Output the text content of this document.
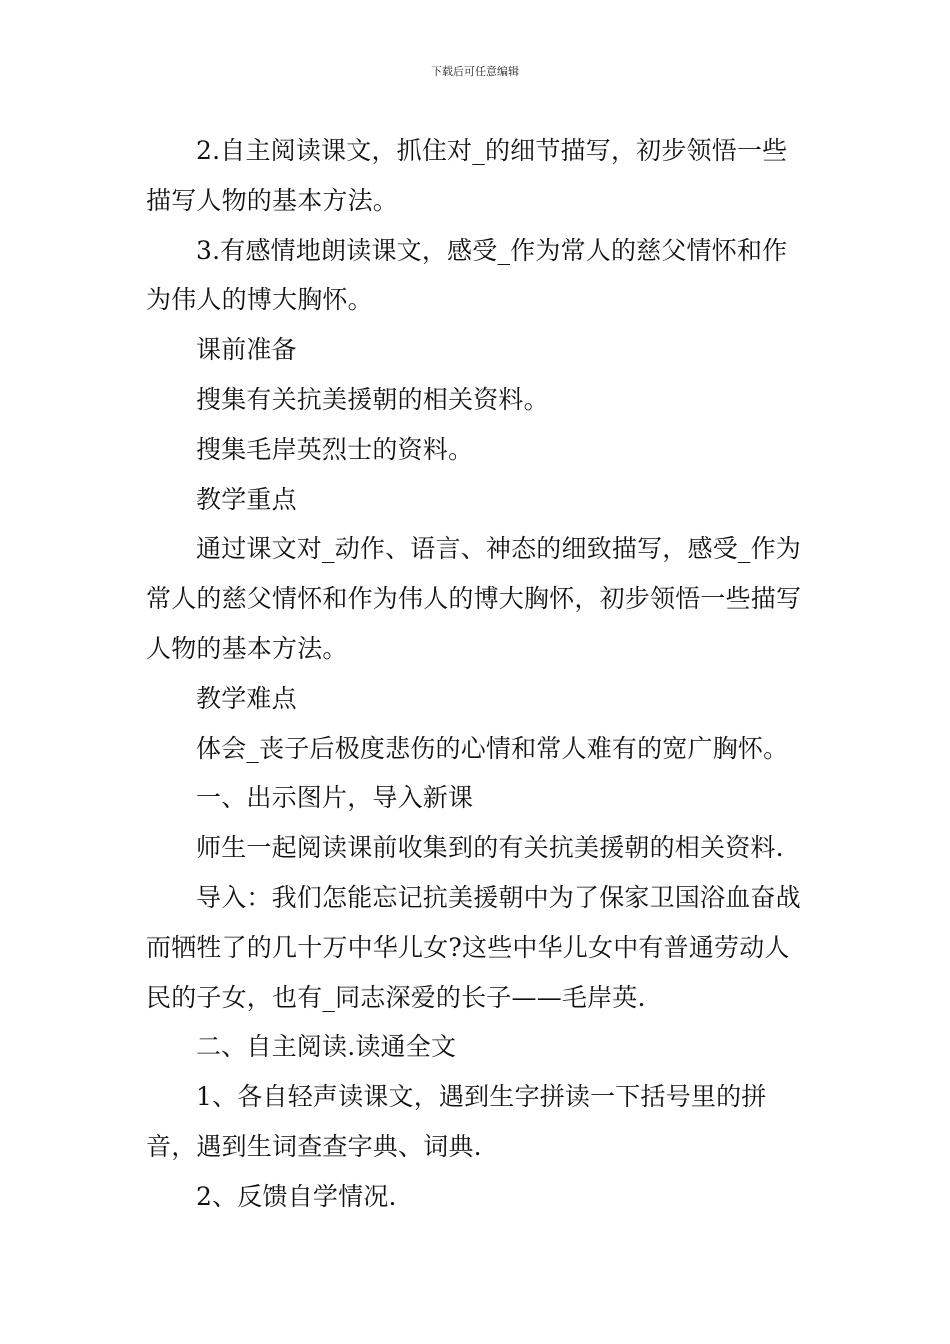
下载后可任意编辑

2.自主阅读课文，抓住对_的细节描写，初步领悟一些描写人物的基本方法。

3.有感情地朗读课文，感受_作为常人的慈父情怀和作为伟人的博大胸怀。

课前准备

搜集有关抗美援朝的相关资料。

搜集毛岸英烈士的资料。

教学重点

通过课文对_动作、语言、神态的细致描写，感受_作为常人的慈父情怀和作为伟人的博大胸怀，初步领悟一些描写人物的基本方法。

教学难点

体会_丧子后极度悲伤的心情和常人难有的宽广胸怀。

一、出示图片，导入新课

师生一起阅读课前收集到的有关抗美援朝的相关资料.

导入：我们怎能忘记抗美援朝中为了保家卫国浴血奋战而牺牲了的几十万中华儿女?这些中华儿女中有普通劳动人民的子女，也有_同志深爱的长子——毛岸英.

二、自主阅读.读通全文

1、各自轻声读课文，遇到生字拼读一下括号里的拼音，遇到生词查查字典、词典.

2、反馈自学情况.
